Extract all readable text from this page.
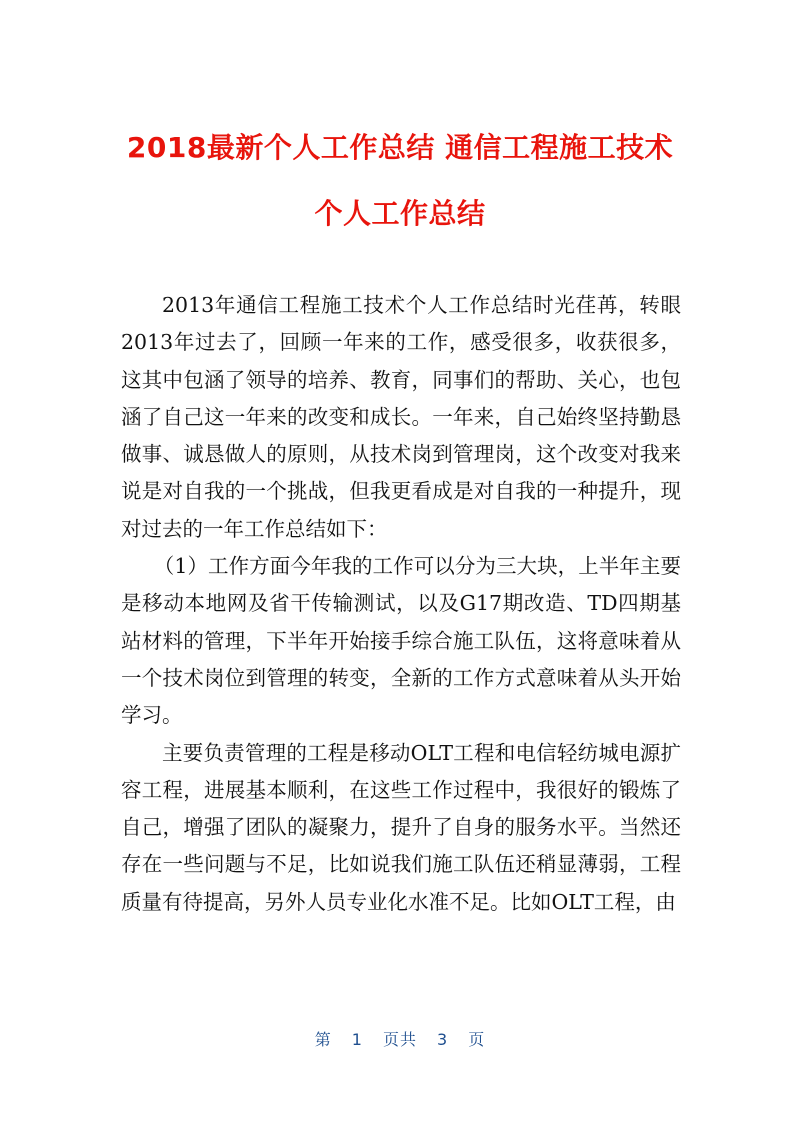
2018最新个人工作总结 通信工程施工技术
个人工作总结

2013年通信工程施工技术个人工作总结时光荏苒，转眼2013年过去了，回顾一年来的工作，感受很多，收获很多，这其中包涵了领导的培养、教育，同事们的帮助、关心，也包涵了自己这一年来的改变和成长。一年来，自己始终坚持勤恳做事、诚恳做人的原则，从技术岗到管理岗，这个改变对我来说是对自我的一个挑战，但我更看成是对自我的一种提升，现对过去的一年工作总结如下：

（1）工作方面今年我的工作可以分为三大块，上半年主要是移动本地网及省干传输测试，以及G17期改造、TD四期基站材料的管理，下半年开始接手综合施工队伍，这将意味着从一个技术岗位到管理的转变，全新的工作方式意味着从头开始学习。

主要负责管理的工程是移动OLT工程和电信轻纺城电源扩容工程，进展基本顺利，在这些工作过程中，我很好的锻炼了自己，增强了团队的凝聚力，提升了自身的服务水平。当然还存在一些问题与不足，比如说我们施工队伍还稍显薄弱，工程质量有待提高，另外人员专业化水准不足。比如OLT工程，由

第 1 页共 3 页
